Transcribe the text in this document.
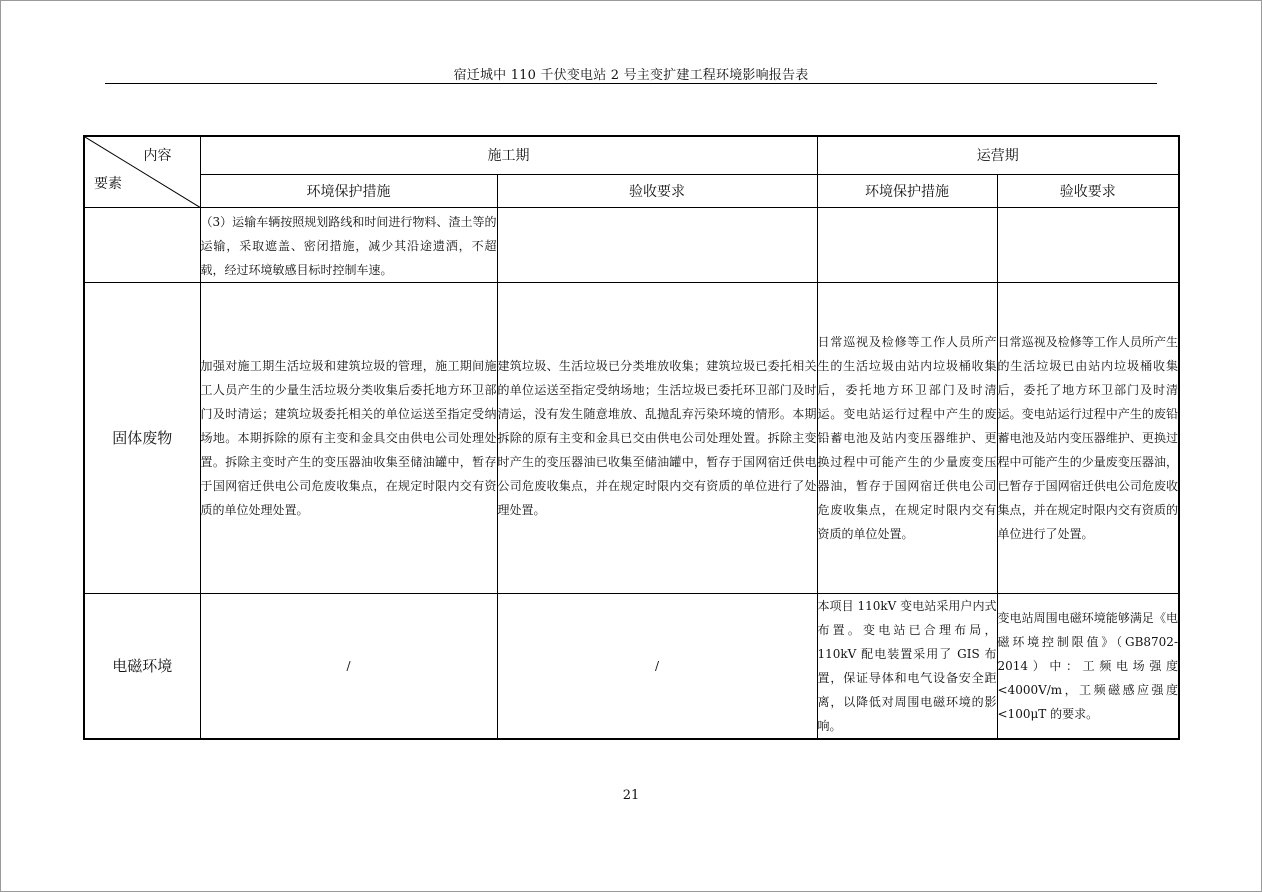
宿迁城中 110 千伏变电站 2 号主变扩建工程环境影响报告表
内容
要素	施工期		运营期	
	环境保护措施	验收要求	环境保护措施	验收要求
	（3）运输车辆按照规划路线和时间进行物料、渣土等的运输，采取遮盖、密闭措施，减少其沿途遗洒，不超载，经过环境敏感目标时控制车速。			
固体废物	加强对施工期生活垃圾和建筑垃圾的管理，施工期间施工人员产生的少量生活垃圾分类收集后委托地方环卫部门及时清运；建筑垃圾委托相关的单位运送至指定受纳场地。本期拆除的原有主变和金具交由供电公司处理处置。拆除主变时产生的变压器油收集至储油罐中，暂存于国网宿迁供电公司危废收集点，在规定时限内交有资质的单位处理处置。	建筑垃圾、生活垃圾已分类堆放收集；建筑垃圾已委托相关的单位运送至指定受纳场地；生活垃圾已委托环卫部门及时清运，没有发生随意堆放、乱抛乱弃污染环境的情形。本期拆除的原有主变和金具已交由供电公司处理处置。拆除主变时产生的变压器油已收集至储油罐中，暂存于国网宿迁供电公司危废收集点，并在规定时限内交有资质的单位进行了处理处置。	日常巡视及检修等工作人员所产生的生活垃圾由站内垃圾桶收集后，委托地方环卫部门及时清运。变电站运行过程中产生的废铅蓄电池及站内变压器维护、更换过程中可能产生的少量废变压器油，暂存于国网宿迁供电公司危废收集点，在规定时限内交有资质的单位处置。	日常巡视及检修等工作人员所产生的生活垃圾已由站内垃圾桶收集后，委托了地方环卫部门及时清运。变电站运行过程中产生的废铅蓄电池及站内变压器维护、更换过程中可能产生的少量废变压器油，已暂存于国网宿迁供电公司危废收集点，并在规定时限内交有资质的单位进行了处置。
电磁环境	/	/	本项目 110kV 变电站采用户内式布置。变电站已合理布局，110kV 配电装置采用了 GIS 布置，保证导体和电气设备安全距离，以降低对周围电磁环境的影响。	变电站周围电磁环境能够满足《电磁环境控制限值》（GB8702-2014）中：工频电场强度<4000V/m，工频磁感应强度<100μT 的要求。
21
